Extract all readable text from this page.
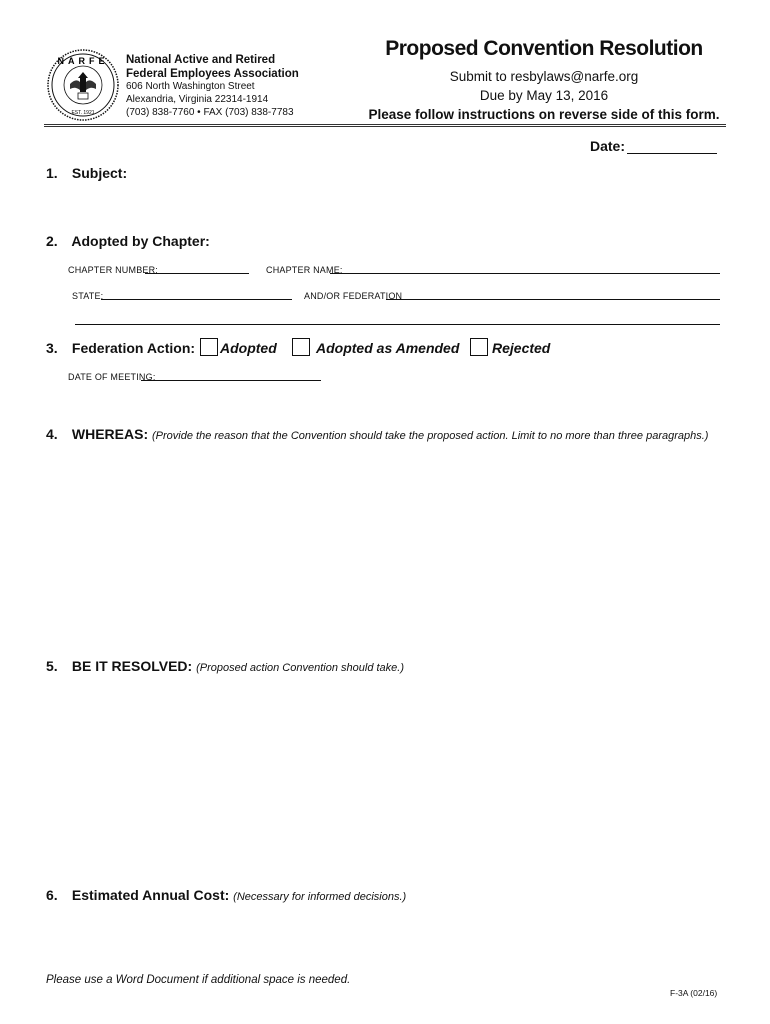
NARFE
EST. 1921
National Active and Retired
Federal Employees Association
606 North Washington Street
Alexandria, Virginia 22314-1914
(703) 838-7760 • FAX (703) 838-7783
Proposed Convention Resolution
Submit to resbylaws@narfe.org
Due by May 13, 2016
Please follow instructions on reverse side of this form.
Date:
1. Subject:
2. Adopted by Chapter:
CHAPTER NUMBER:	CHAPTER NAME:
STATE:	AND/OR FEDERATION
3. Federation Action: Adopted	Adopted as Amended Rejected
DATE OF MEETING:
4. WHEREAS: (Provide the reason that the Convention should take the proposed action. Limit to no more than three paragraphs.)
5. BE IT RESOLVED: (Proposed action Convention should take.)
6. Estimated Annual Cost: (Necessary for informed decisions.)
Please use a Word Document if additional space is needed.
F-3A (02/16)
